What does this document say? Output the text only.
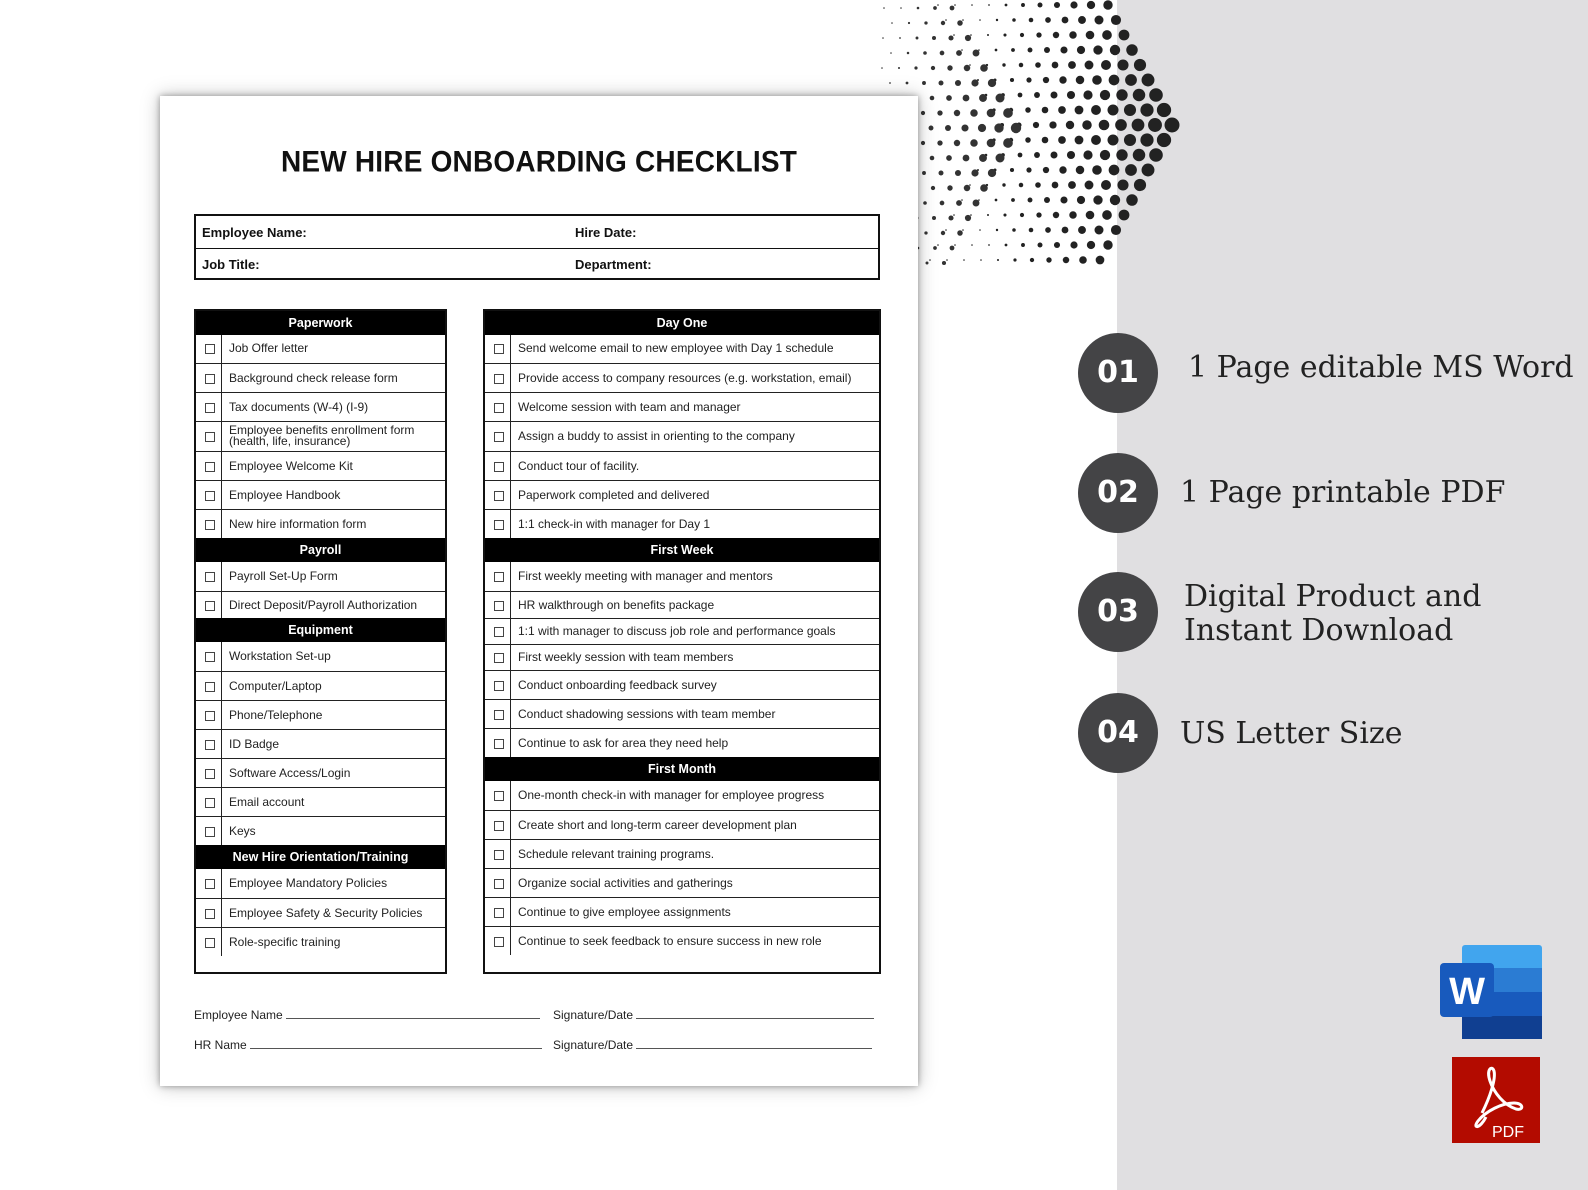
NEW HIRE ONBOARDING CHECKLIST
Employee Name:	Hire Date:
Job Title:	Department:
Paperwork
Job Offer letter
Background check release form
Tax documents (W-4) (I-9)
Employee benefits enrollment form (health, life, insurance)
Employee Welcome Kit
Employee Handbook
New hire information form
Payroll
Payroll Set-Up Form
Direct Deposit/Payroll Authorization
Equipment
Workstation Set-up
Computer/Laptop
Phone/Telephone
ID Badge
Software Access/Login
Email account
Keys
New Hire Orientation/Training
Employee Mandatory Policies
Employee Safety & Security Policies
Role-specific training
Day One
Send welcome email to new employee with Day 1 schedule
Provide access to company resources (e.g. workstation, email)
Welcome session with team and manager
Assign a buddy to assist in orienting to the company
Conduct tour of facility.
Paperwork completed and delivered
1:1 check-in with manager for Day 1
First Week
First weekly meeting with manager and mentors
HR walkthrough on benefits package
1:1 with manager to discuss job role and performance goals
First weekly session with team members
Conduct onboarding feedback survey
Conduct shadowing sessions with team member
Continue to ask for area they need help
First Month
One-month check-in with manager for employee progress
Create short and long-term career development plan
Schedule relevant training programs.
Organize social activities and gatherings
Continue to give employee assignments
Continue to seek feedback to ensure success in new role
Employee Name	Signature/Date
HR Name	Signature/Date
01	1 Page editable MS Word
02	1 Page printable PDF
03	Digital Product and
Instant Download
04	US Letter Size
W
PDF
